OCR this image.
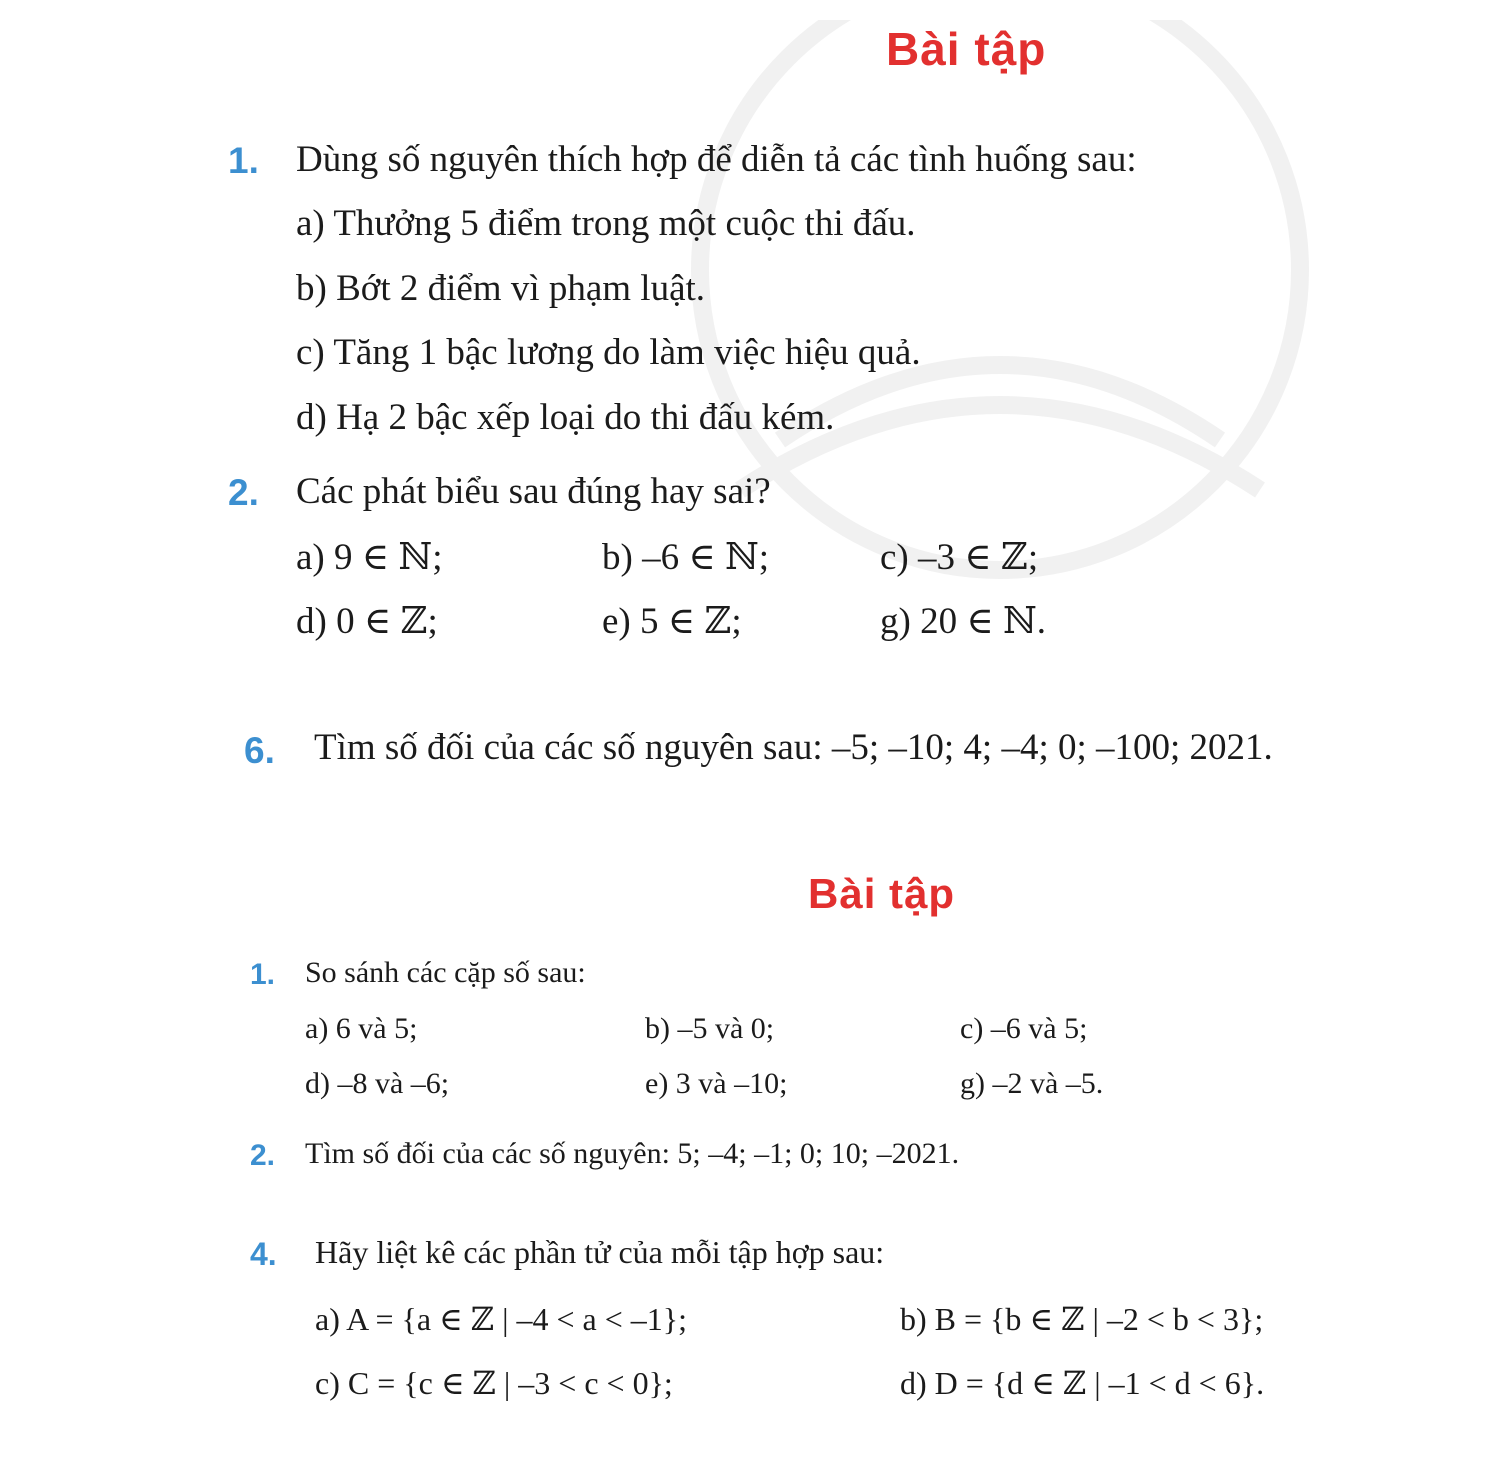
Bài tập
1. Dùng số nguyên thích hợp để diễn tả các tình huống sau:
a) Thưởng 5 điểm trong một cuộc thi đấu.
b) Bớt 2 điểm vì phạm luật.
c) Tăng 1 bậc lương do làm việc hiệu quả.
d) Hạ 2 bậc xếp loại do thi đấu kém.
2. Các phát biểu sau đúng hay sai?
a) 9 ∈ ℕ;	b) –6 ∈ ℕ;	c) –3 ∈ ℤ;
d) 0 ∈ ℤ;	e) 5 ∈ ℤ;	g) 20 ∈ ℕ.
6. Tìm số đối của các số nguyên sau: –5; –10; 4; –4; 0; –100; 2021.
Bài tập
1. So sánh các cặp số sau:
a) 6 và 5;	b) –5 và 0;	c) –6 và 5;
d) –8 và –6;	e) 3 và –10;	g) –2 và –5.
2. Tìm số đối của các số nguyên: 5; –4; –1; 0; 10; –2021.
4. Hãy liệt kê các phần tử của mỗi tập hợp sau:
a) A = {a ∈ ℤ | –4 < a < –1};	b) B = {b ∈ ℤ | –2 < b < 3};
c) C = {c ∈ ℤ | –3 < c < 0};	d) D = {d ∈ ℤ | –1 < d < 6}.
